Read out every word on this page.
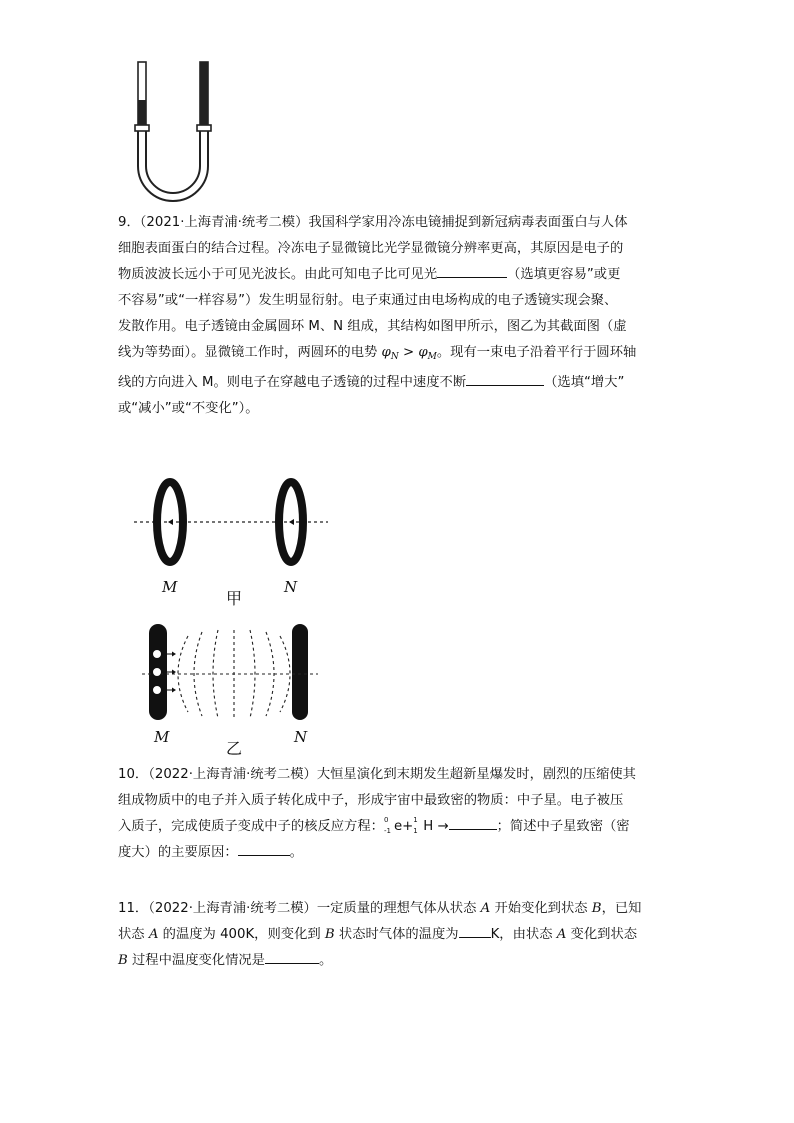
9．（2021·上海青浦·统考二模）我国科学家用冷冻电镜捕捉到新冠病毒表面蛋白与人体
细胞表面蛋白的结合过程。冷冻电子显微镜比光学显微镜分辨率更高，其原因是电子的
物质波波长远小于可见光波长。由此可知电子比可见光	（选填更容易”或更
不容易”或“一样容易”）发生明显衍射。电子束通过由电场构成的电子透镜实现会聚、
发散作用。电子透镜由金属圆环 M、N 组成，其结构如图甲所示，图乙为其截面图（虚
线为等势面）。显微镜工作时，两圆环的电势 $\varphi_N > \varphi_M$。现有一束电子沿着平行于圆环轴
线的方向进入 M。则电子在穿越电子透镜的过程中速度不断	（选填“增大”
或“减小”或“不变化”）。
M	N
甲
M	N
乙
10．（2022·上海青浦·统考二模）大恒星演化到末期发生超新星爆发时，剧烈的压缩使其
组成物质中的电子并入质子转化成中子，形成宇宙中最致密的物质：中子星。电子被压
入质子，完成使质子变成中子的核反应方程： 0
-1 e+ 1
1 H →	；简述中子星致密（密
度大）的主要原因：	。
11．（2022·上海青浦·统考二模）一定质量的理想气体从状态 A 开始变化到状态 B，已知
状态 A 的温度为 400K，则变化到 B 状态时气体的温度为 K，由状态 A 变化到状态
B 过程中温度变化情况是	。
